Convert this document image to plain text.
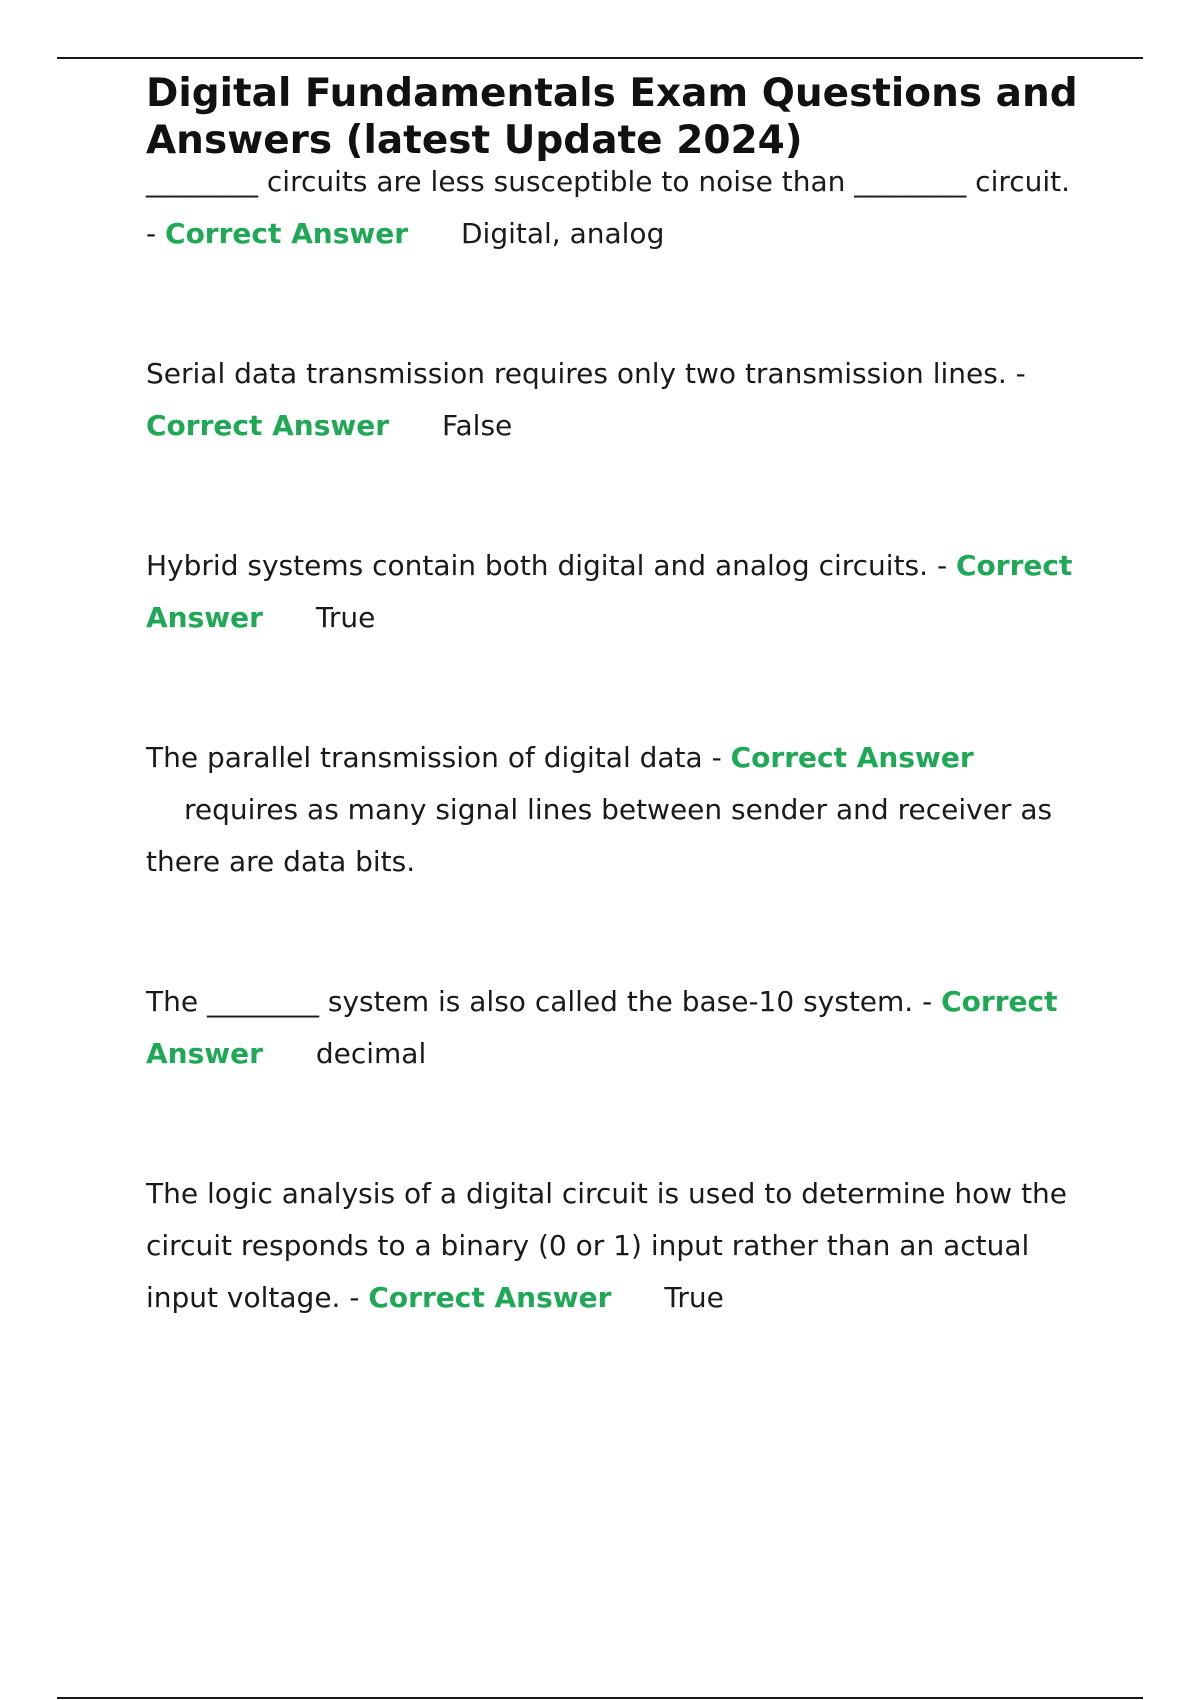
Digital Fundamentals Exam Questions and Answers (latest Update 2024)

________ circuits are less susceptible to noise than ________ circuit. - Correct Answer Digital, analog

Serial data transmission requires only two transmission lines. - Correct Answer False

Hybrid systems contain both digital and analog circuits. - Correct Answer True

The parallel transmission of digital data - Correct Answer requires as many signal lines between sender and receiver as there are data bits.

The ________ system is also called the base-10 system. - Correct Answer decimal

The logic analysis of a digital circuit is used to determine how the circuit responds to a binary (0 or 1) input rather than an actual input voltage. - Correct Answer True
